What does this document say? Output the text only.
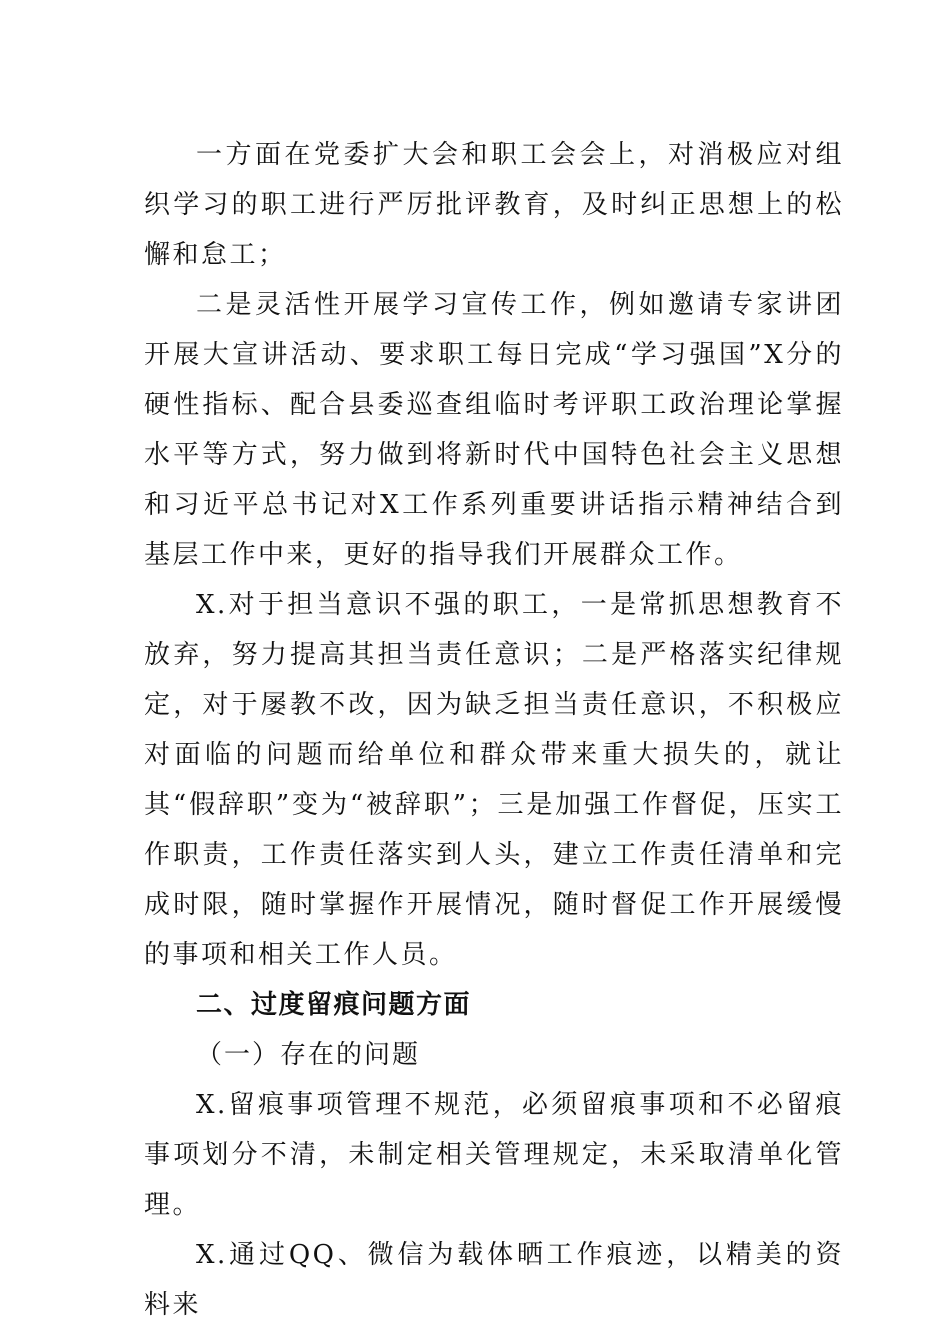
一方面在党委扩大会和职工会会上，对消极应对组织学习的职工进行严厉批评教育，及时纠正思想上的松懈和怠工；

二是灵活性开展学习宣传工作，例如邀请专家讲团开展大宣讲活动、要求职工每日完成“学习强国”X分的硬性指标、配合县委巡查组临时考评职工政治理论掌握水平等方式，努力做到将新时代中国特色社会主义思想和习近平总书记对X工作系列重要讲话指示精神结合到基层工作中来，更好的指导我们开展群众工作。

X.对于担当意识不强的职工，一是常抓思想教育不放弃，努力提高其担当责任意识；二是严格落实纪律规定，对于屡教不改，因为缺乏担当责任意识，不积极应对面临的问题而给单位和群众带来重大损失的，就让其“假辞职”变为“被辞职”；三是加强工作督促，压实工作职责，工作责任落实到人头，建立工作责任清单和完成时限，随时掌握作开展情况，随时督促工作开展缓慢的事项和相关工作人员。

二、过度留痕问题方面

（一）存在的问题

X.留痕事项管理不规范，必须留痕事项和不必留痕事项划分不清，未制定相关管理规定，未采取清单化管理。

X.通过QQ、微信为载体晒工作痕迹，以精美的资料来
